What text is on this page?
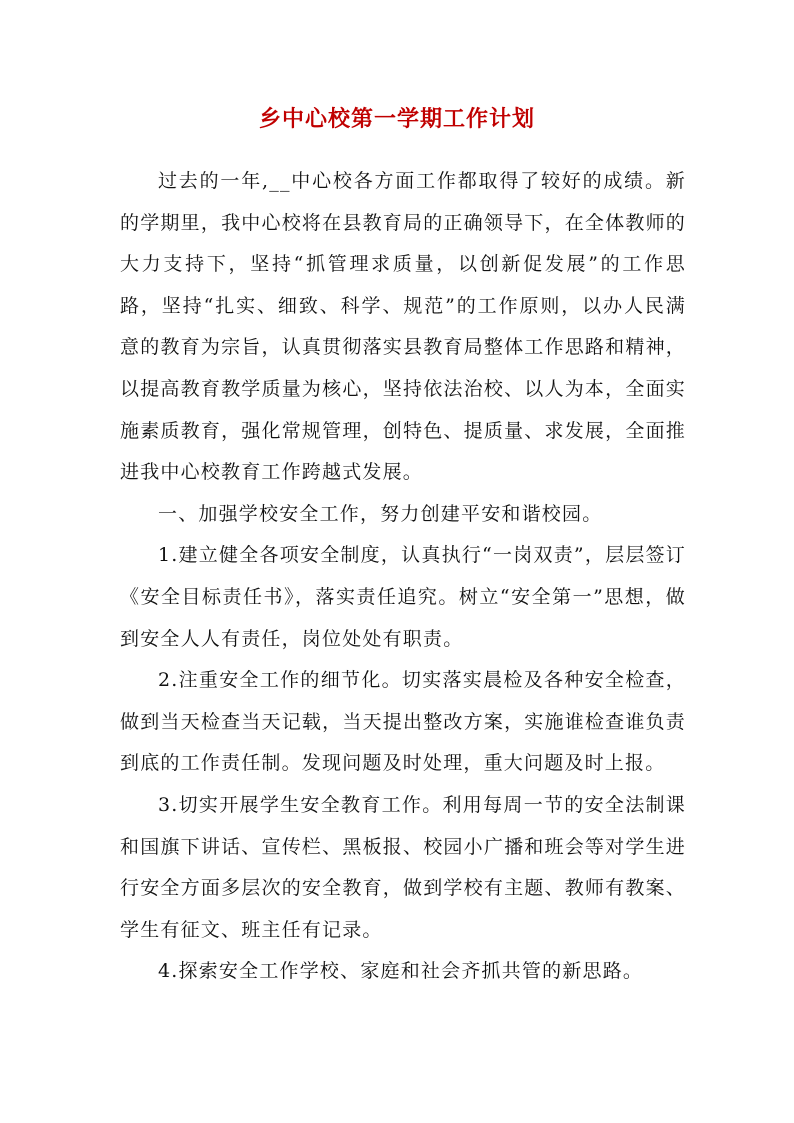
乡中心校第一学期工作计划

过去的一年,__中心校各方面工作都取得了较好的成绩。新的学期里，我中心校将在县教育局的正确领导下，在全体教师的大力支持下，坚持“抓管理求质量，以创新促发展”的工作思路，坚持“扎实、细致、科学、规范”的工作原则，以办人民满意的教育为宗旨，认真贯彻落实县教育局整体工作思路和精神，以提高教育教学质量为核心，坚持依法治校、以人为本，全面实施素质教育，强化常规管理，创特色、提质量、求发展，全面推进我中心校教育工作跨越式发展。

一、加强学校安全工作，努力创建平安和谐校园。

1.建立健全各项安全制度，认真执行“一岗双责”，层层签订《安全目标责任书》，落实责任追究。树立“安全第一”思想，做到安全人人有责任，岗位处处有职责。

2.注重安全工作的细节化。切实落实晨检及各种安全检查，做到当天检查当天记载，当天提出整改方案，实施谁检查谁负责到底的工作责任制。发现问题及时处理，重大问题及时上报。

3.切实开展学生安全教育工作。利用每周一节的安全法制课和国旗下讲话、宣传栏、黑板报、校园小广播和班会等对学生进行安全方面多层次的安全教育，做到学校有主题、教师有教案、学生有征文、班主任有记录。

4.探索安全工作学校、家庭和社会齐抓共管的新思路。
